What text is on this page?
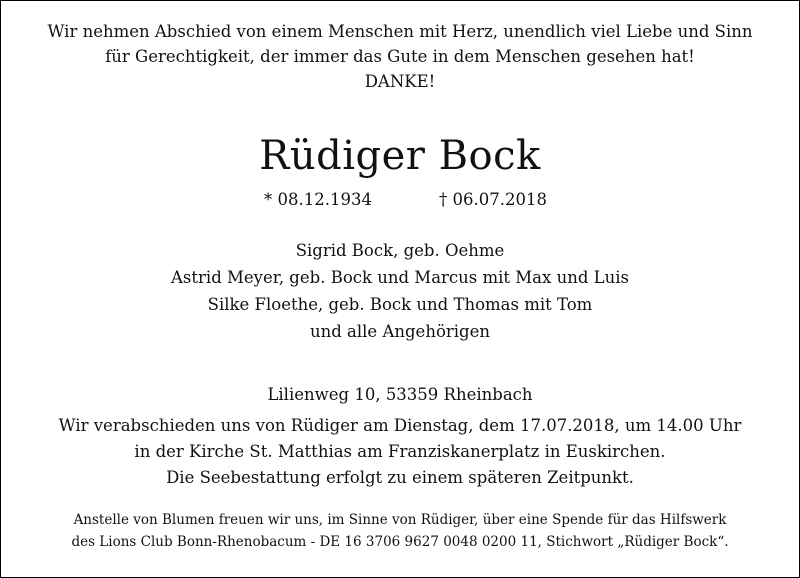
Wir nehmen Abschied von einem Menschen mit Herz, unendlich viel Liebe und Sinn
für Gerechtigkeit, der immer das Gute in dem Menschen gesehen hat!
DANKE!
Rüdiger Bock
* 08.12.1934	† 06.07.2018
Sigrid Bock, geb. Oehme
Astrid Meyer, geb. Bock und Marcus mit Max und Luis
Silke Floethe, geb. Bock und Thomas mit Tom
und alle Angehörigen
Lilienweg 10, 53359 Rheinbach
Wir verabschieden uns von Rüdiger am Dienstag, dem 17.07.2018, um 14.00 Uhr
in der Kirche St. Matthias am Franziskanerplatz in Euskirchen.
Die Seebestattung erfolgt zu einem späteren Zeitpunkt.
Anstelle von Blumen freuen wir uns, im Sinne von Rüdiger, über eine Spende für das Hilfswerk
des Lions Club Bonn-Rhenobacum - DE 16 3706 9627 0048 0200 11, Stichwort „Rüdiger Bock“.
